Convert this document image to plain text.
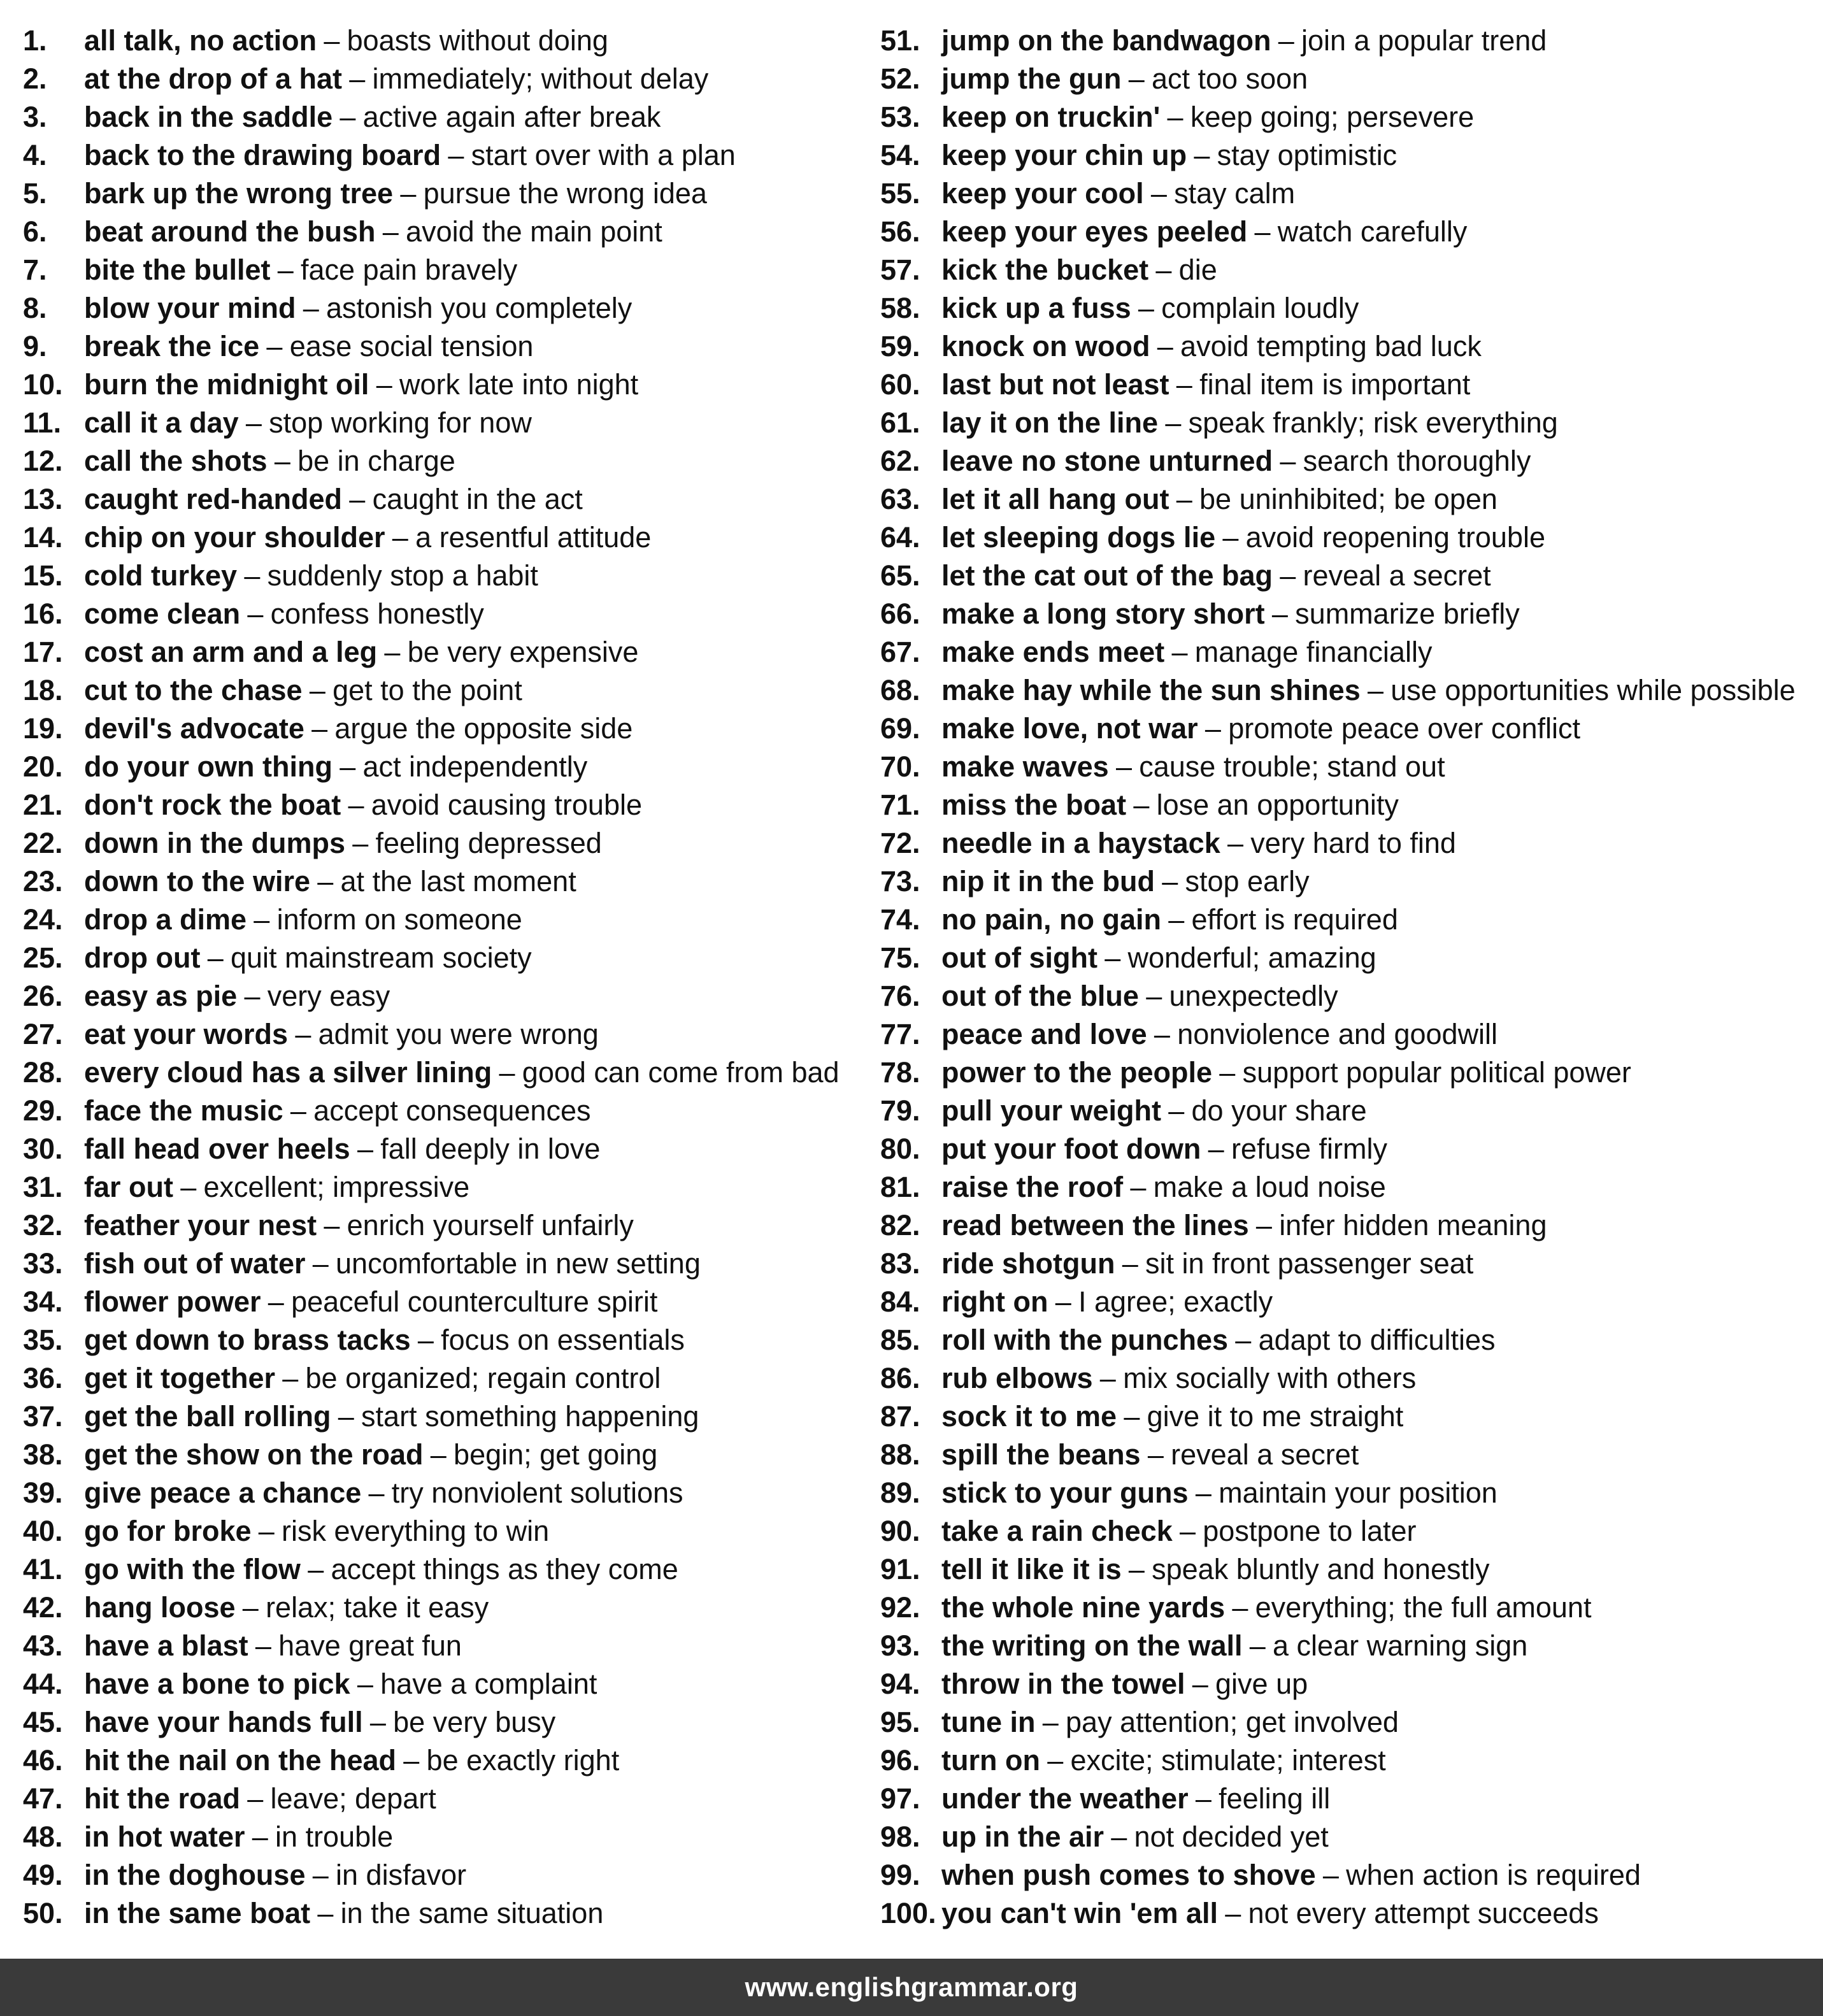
1.	all talk, no action – boasts without doing
2.	at the drop of a hat – immediately; without delay
3.	back in the saddle – active again after break
4.	back to the drawing board – start over with a plan
5.	bark up the wrong tree – pursue the wrong idea
6.	beat around the bush – avoid the main point
7.	bite the bullet – face pain bravely
8.	blow your mind – astonish you completely
9.	break the ice – ease social tension
10. burn the midnight oil – work late into night
11. call it a day – stop working for now
12. call the shots – be in charge
13. caught red-handed – caught in the act
14. chip on your shoulder – a resentful attitude
15. cold turkey – suddenly stop a habit
16. come clean – confess honestly
17. cost an arm and a leg – be very expensive
18. cut to the chase – get to the point
19. devil's advocate – argue the opposite side
20. do your own thing – act independently
21. don't rock the boat – avoid causing trouble
22. down in the dumps – feeling depressed
23. down to the wire – at the last moment
24. drop a dime – inform on someone
25. drop out – quit mainstream society
26. easy as pie – very easy
27. eat your words – admit you were wrong
28. every cloud has a silver lining – good can come from bad
29. face the music – accept consequences
30. fall head over heels – fall deeply in love
31. far out – excellent; impressive
32. feather your nest – enrich yourself unfairly
33. fish out of water – uncomfortable in new setting
34. flower power – peaceful counterculture spirit
35. get down to brass tacks – focus on essentials
36. get it together – be organized; regain control
37. get the ball rolling – start something happening
38. get the show on the road – begin; get going
39. give peace a chance – try nonviolent solutions
40. go for broke – risk everything to win
41. go with the flow – accept things as they come
42. hang loose – relax; take it easy
43. have a blast – have great fun
44. have a bone to pick – have a complaint
45. have your hands full – be very busy
46. hit the nail on the head – be exactly right
47. hit the road – leave; depart
48. in hot water – in trouble
49. in the doghouse – in disfavor
50. in the same boat – in the same situation
51. jump on the bandwagon – join a popular trend
52. jump the gun – act too soon
53. keep on truckin' – keep going; persevere
54. keep your chin up – stay optimistic
55. keep your cool – stay calm
56. keep your eyes peeled – watch carefully
57. kick the bucket – die
58. kick up a fuss – complain loudly
59. knock on wood – avoid tempting bad luck
60. last but not least – final item is important
61. lay it on the line – speak frankly; risk everything
62. leave no stone unturned – search thoroughly
63. let it all hang out – be uninhibited; be open
64. let sleeping dogs lie – avoid reopening trouble
65. let the cat out of the bag – reveal a secret
66. make a long story short – summarize briefly
67. make ends meet – manage financially
68. make hay while the sun shines – use opportunities while possible
69. make love, not war – promote peace over conflict
70. make waves – cause trouble; stand out
71. miss the boat – lose an opportunity
72. needle in a haystack – very hard to find
73. nip it in the bud – stop early
74. no pain, no gain – effort is required
75. out of sight – wonderful; amazing
76. out of the blue – unexpectedly
77. peace and love – nonviolence and goodwill
78. power to the people – support popular political power
79. pull your weight – do your share
80. put your foot down – refuse firmly
81. raise the roof – make a loud noise
82. read between the lines – infer hidden meaning
83. ride shotgun – sit in front passenger seat
84. right on – I agree; exactly
85. roll with the punches – adapt to difficulties
86. rub elbows – mix socially with others
87. sock it to me – give it to me straight
88. spill the beans – reveal a secret
89. stick to your guns – maintain your position
90. take a rain check – postpone to later
91. tell it like it is – speak bluntly and honestly
92. the whole nine yards – everything; the full amount
93. the writing on the wall – a clear warning sign
94. throw in the towel – give up
95. tune in – pay attention; get involved
96. turn on – excite; stimulate; interest
97. under the weather – feeling ill
98. up in the air – not decided yet
99. when push comes to shove – when action is required
100. you can't win 'em all – not every attempt succeeds
www.englishgrammar.org
